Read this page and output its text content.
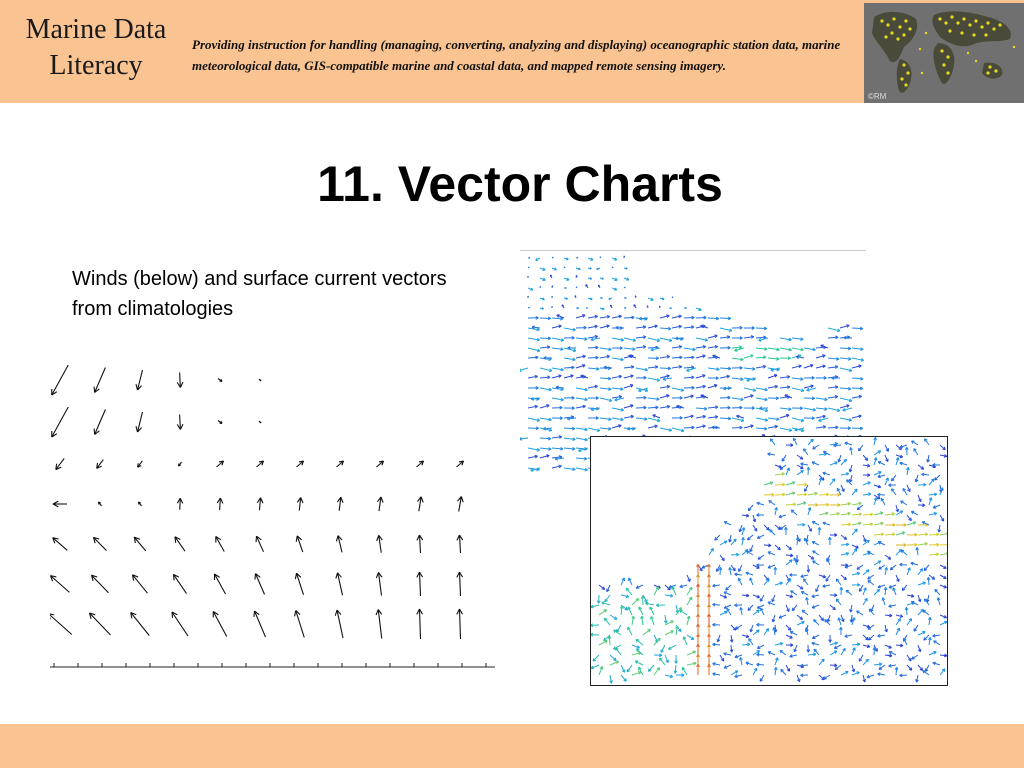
Marine Data
Literacy
Providing instruction for handling (managing, converting, analyzing and displaying) oceanographic station data, marine meteorological data, GIS-compatible marine and coastal data, and mapped remote sensing imagery.
©RM
11. Vector Charts
Winds (below) and surface current vectors from climatologies
